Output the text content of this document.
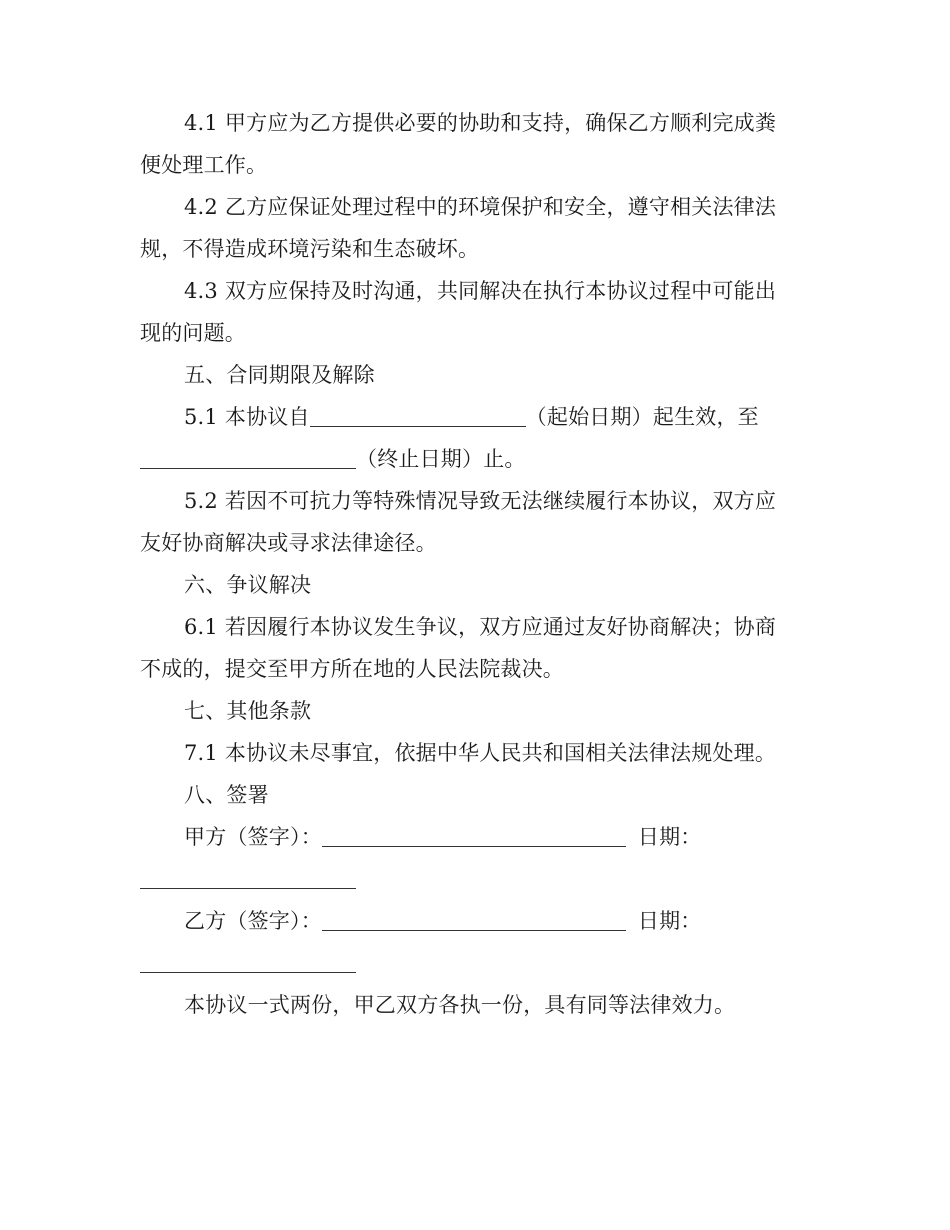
4.1 甲方应为乙方提供必要的协助和支持，确保乙方顺利完成粪
便处理工作。
4.2 乙方应保证处理过程中的环境保护和安全，遵守相关法律法
规，不得造成环境污染和生态破坏。
4.3 双方应保持及时沟通，共同解决在执行本协议过程中可能出
现的问题。
五、合同期限及解除
5.1 本协议自	（起始日期）起生效，至
（终止日期）止。
5.2 若因不可抗力等特殊情况导致无法继续履行本协议，双方应
友好协商解决或寻求法律途径。
六、争议解决
6.1 若因履行本协议发生争议，双方应通过友好协商解决；协商
不成的，提交至甲方所在地的人民法院裁决。
七、其他条款
7.1 本协议未尽事宜，依据中华人民共和国相关法律法规处理。
八、签署
甲方（签字）：	日期：
乙方（签字）：	日期：
本协议一式两份，甲乙双方各执一份，具有同等法律效力。
